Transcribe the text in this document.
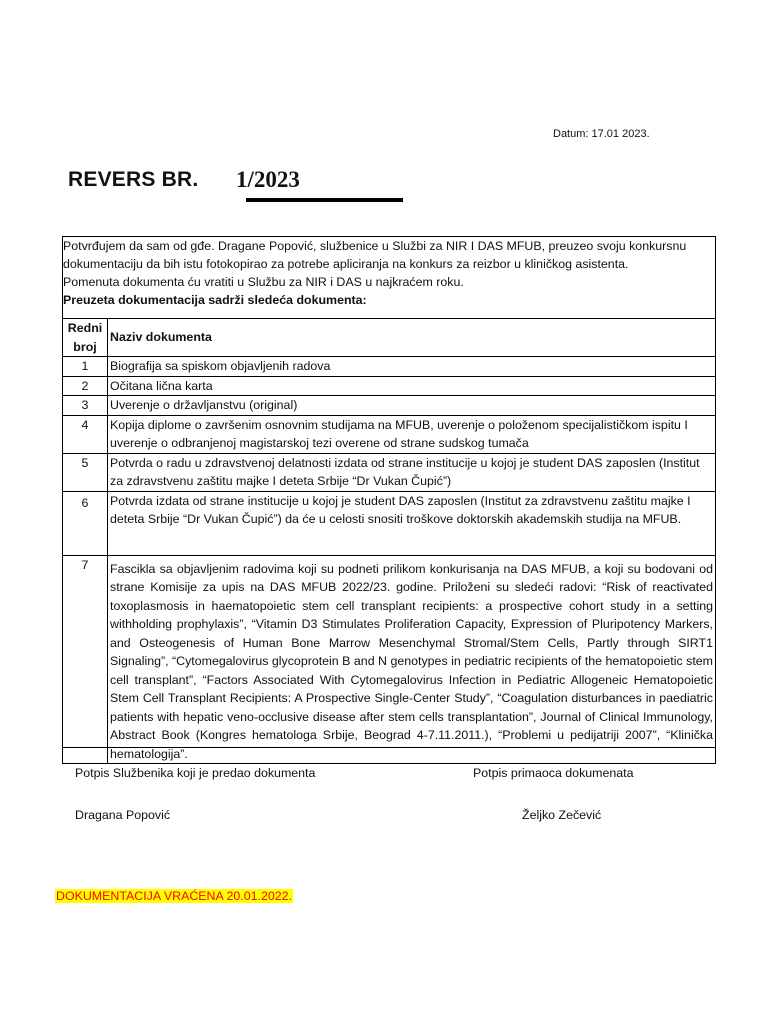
Datum: 17.01 2023.
REVERS BR. 1/2023
Potvrđujem da sam od gđe. Dragane Popović, službenice u Službi za NIR I DAS MFUB, preuzeo svoju konkursnu
dokumentaciju da bih istu fotokopirao za potrebe apliciranja na konkurs za reizbor u kliničkog asistenta.
Pomenuta dokumenta ću vratiti u Službu za NIR i DAS u najkraćem roku.
Preuzeta dokumentacija sadrži sledeća dokumenta:
Redni
broj	Naziv dokumenta
1	Biografija sa spiskom objavljenih radova
2	Očitana lična karta
3	Uverenje o državljanstvu (original)
4	Kopija diplome o završenim osnovnim studijama na MFUB, uverenje o položenom specijalističkom ispitu I uverenje o odbranjenoj magistarskoj tezi overene od strane sudskog tumača
5	Potvrda o radu u zdravstvenoj delatnosti izdata od strane institucije u kojoj je student DAS zaposlen (Institut za zdravstvenu zaštitu majke I deteta Srbije “Dr Vukan Čupić”)
6	Potvrda izdata od strane institucije u kojoj je student DAS zaposlen (Institut za zdravstvenu zaštitu majke I deteta Srbije “Dr Vukan Čupić”) da će u celosti snositi troškove doktorskih akademskih studija na MFUB.
7	Fascikla sa objavljenim radovima koji su podneti prilikom konkurisanja na DAS MFUB, a koji su bodovani od strane Komisije za upis na DAS MFUB 2022/23. godine. Priloženi su sledeći radovi: “Risk of reactivated toxoplasmosis in haematopoietic stem cell transplant recipients: a prospective cohort study in a setting withholding prophylaxis”, “Vitamin D3 Stimulates Proliferation Capacity, Expression of Pluripotency Markers, and Osteogenesis of Human Bone Marrow Mesenchymal Stromal/Stem Cells, Partly through SIRT1 Signaling”, “Cytomegalovirus glycoprotein B and N genotypes in pediatric recipients of the hematopoietic stem cell transplant”, “Factors Associated With Cytomegalovirus Infection in Pediatric Allogeneic Hematopoietic Stem Cell Transplant Recipients: A Prospective Single-Center Study”, “Coagulation disturbances in paediatric patients with hepatic veno-occlusive disease after stem cells transplantation”, Journal of Clinical Immunology, Abstract Book (Kongres hematologa Srbije, Beograd 4-7.11.2011.), “Problemi u pedijatriji 2007”, “Klinička hematologija”.
Potpis Službenika koji je predao dokumenta	Potpis primaoca dokumenata
Dragana Popović	Željko Zečević
DOKUMENTACIJA VRAĆENA 20.01.2022.
